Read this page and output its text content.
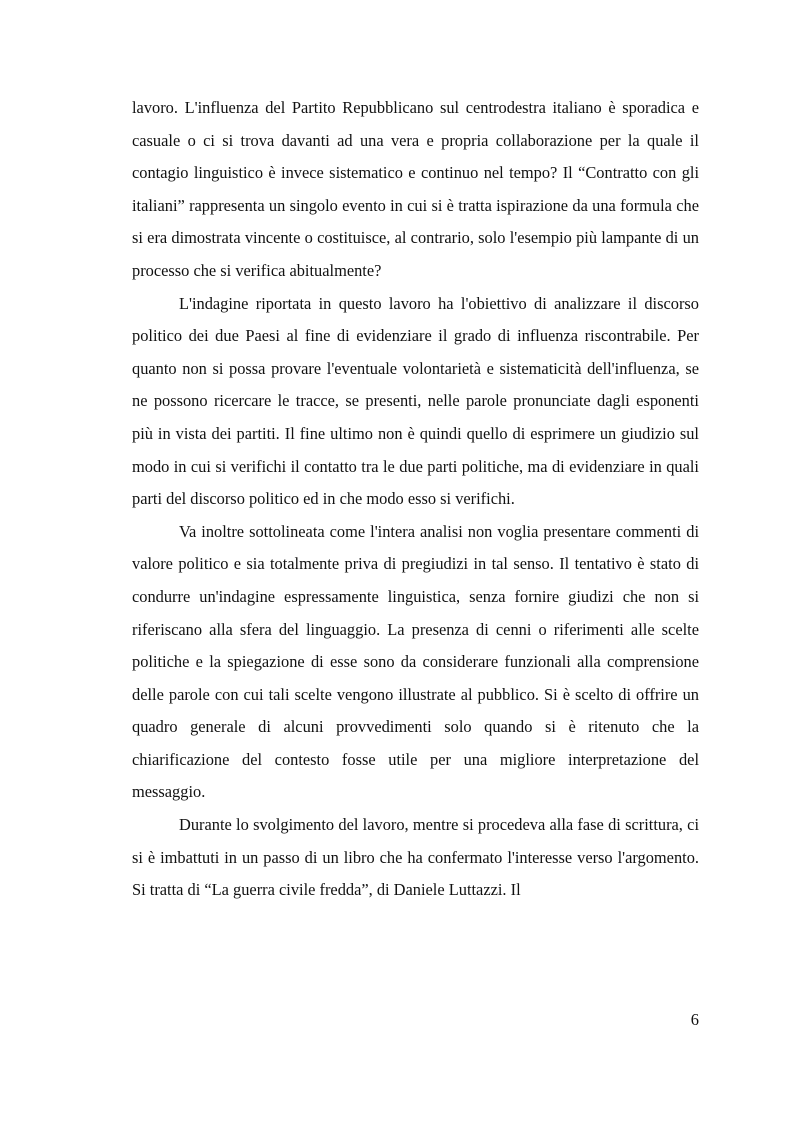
lavoro. L'influenza del Partito Repubblicano sul centrodestra italiano è sporadica e casuale o ci si trova davanti ad una vera e propria collaborazione per la quale il contagio linguistico è invece sistematico e continuo nel tempo? Il “Contratto con gli italiani” rappresenta un singolo evento in cui si è tratta ispirazione da una formula che si era dimostrata vincente o costituisce, al contrario, solo l'esempio più lampante di un processo che si verifica abitualmente?

L'indagine riportata in questo lavoro ha l'obiettivo di analizzare il discorso politico dei due Paesi al fine di evidenziare il grado di influenza riscontrabile. Per quanto non si possa provare l'eventuale volontarietà e sistematicità dell'influenza, se ne possono ricercare le tracce, se presenti, nelle parole pronunciate dagli esponenti più in vista dei partiti. Il fine ultimo non è quindi quello di esprimere un giudizio sul modo in cui si verifichi il contatto tra le due parti politiche, ma di evidenziare in quali parti del discorso politico ed in che modo esso si verifichi.

Va inoltre sottolineata come l'intera analisi non voglia presentare commenti di valore politico e sia totalmente priva di pregiudizi in tal senso. Il tentativo è stato di condurre un'indagine espressamente linguistica, senza fornire giudizi che non si riferiscano alla sfera del linguaggio. La presenza di cenni o riferimenti alle scelte politiche e la spiegazione di esse sono da considerare funzionali alla comprensione delle parole con cui tali scelte vengono illustrate al pubblico. Si è scelto di offrire un quadro generale di alcuni provvedimenti solo quando si è ritenuto che la chiarificazione del contesto fosse utile per una migliore interpretazione del messaggio.

Durante lo svolgimento del lavoro, mentre si procedeva alla fase di scrittura, ci si è imbattuti in un passo di un libro che ha confermato l'interesse verso l'argomento. Si tratta di “La guerra civile fredda”, di Daniele Luttazzi. Il

6
